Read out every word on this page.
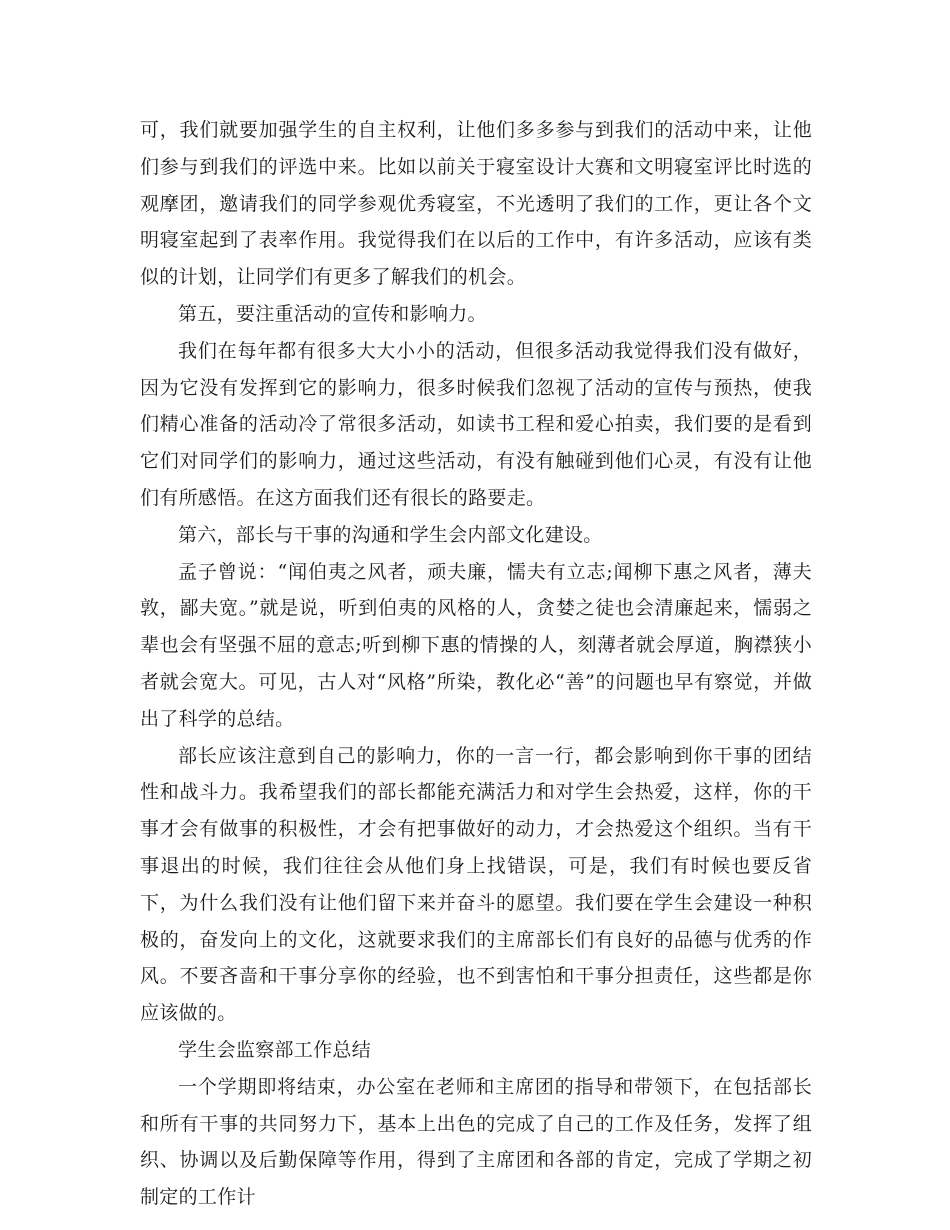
可，我们就要加强学生的自主权利，让他们多多参与到我们的活动中来，让他们参与到我们的评选中来。比如以前关于寝室设计大赛和文明寝室评比时选的观摩团，邀请我们的同学参观优秀寝室，不光透明了我们的工作，更让各个文明寝室起到了表率作用。我觉得我们在以后的工作中，有许多活动，应该有类似的计划，让同学们有更多了解我们的机会。

第五，要注重活动的宣传和影响力。

我们在每年都有很多大大小小的活动，但很多活动我觉得我们没有做好，因为它没有发挥到它的影响力，很多时候我们忽视了活动的宣传与预热，使我们精心准备的活动冷了常很多活动，如读书工程和爱心拍卖，我们要的是看到它们对同学们的影响力，通过这些活动，有没有触碰到他们心灵，有没有让他们有所感悟。在这方面我们还有很长的路要走。

第六，部长与干事的沟通和学生会内部文化建设。

孟子曾说：“闻伯夷之风者，顽夫廉，懦夫有立志;闻柳下惠之风者，薄夫敦，鄙夫宽。”就是说，听到伯夷的风格的人，贪婪之徒也会清廉起来，懦弱之辈也会有坚强不屈的意志;听到柳下惠的情操的人，刻薄者就会厚道，胸襟狭小者就会宽大。可见，古人对“风格”所染，教化必“善”的问题也早有察觉，并做出了科学的总结。

部长应该注意到自己的影响力，你的一言一行，都会影响到你干事的团结性和战斗力。我希望我们的部长都能充满活力和对学生会热爱，这样，你的干事才会有做事的积极性，才会有把事做好的动力，才会热爱这个组织。当有干事退出的时候，我们往往会从他们身上找错误，可是，我们有时候也要反省下，为什么我们没有让他们留下来并奋斗的愿望。我们要在学生会建设一种积极的，奋发向上的文化，这就要求我们的主席部长们有良好的品德与优秀的作风。不要吝啬和干事分享你的经验，也不到害怕和干事分担责任，这些都是你应该做的。

学生会监察部工作总结

一个学期即将结束，办公室在老师和主席团的指导和带领下，在包括部长和所有干事的共同努力下，基本上出色的完成了自己的工作及任务，发挥了组织、协调以及后勤保障等作用，得到了主席团和各部的肯定，完成了学期之初制定的工作计
